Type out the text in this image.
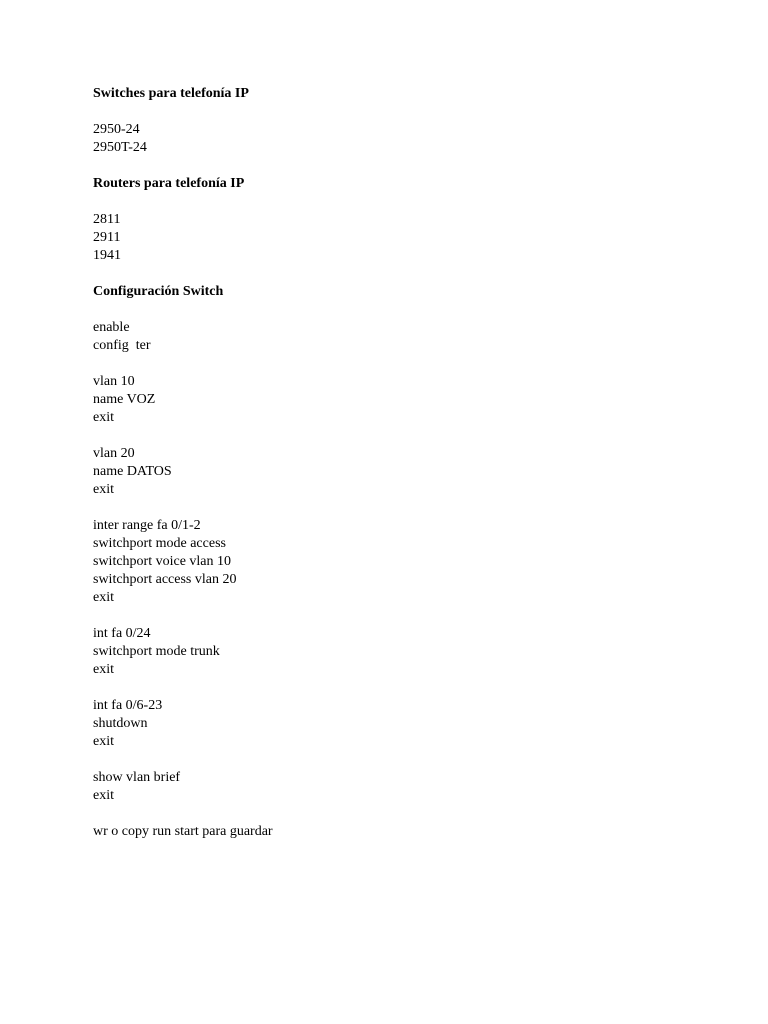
Switches para telefonía IP
2950-24
2950T-24
Routers para telefonía IP
2811
2911
1941
Configuración Switch
enable
config  ter
vlan 10
name VOZ
exit
vlan 20
name DATOS
exit
inter range fa 0/1-2
switchport mode access
switchport voice vlan 10
switchport access vlan 20
exit
int fa 0/24
switchport mode trunk
exit
int fa 0/6-23
shutdown
exit
show vlan brief
exit
wr o copy run start para guardar
